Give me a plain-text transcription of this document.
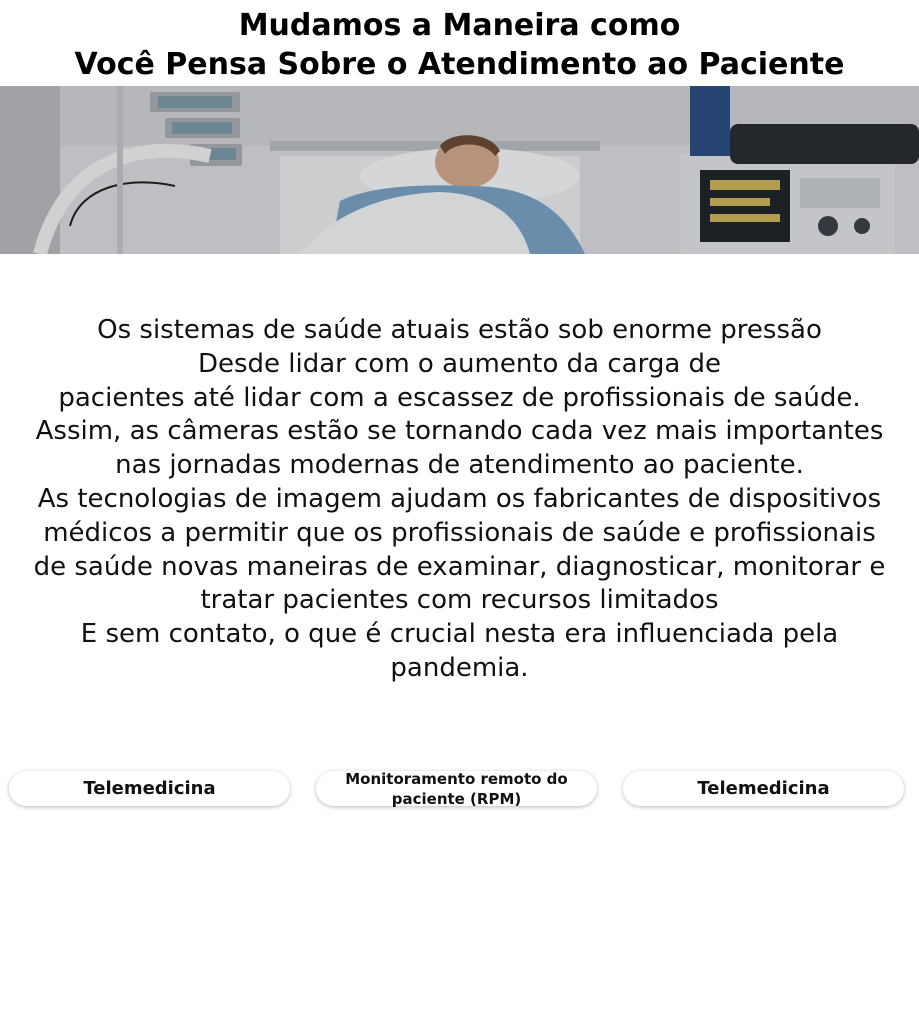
Mudamos a Maneira como
Você Pensa Sobre o Atendimento ao Paciente
Os sistemas de saúde atuais estão sob enorme pressão
Desde lidar com o aumento da carga de
pacientes até lidar com a escassez de profissionais de saúde.
Assim, as câmeras estão se tornando cada vez mais importantes
nas jornadas modernas de atendimento ao paciente.
As tecnologias de imagem ajudam os fabricantes de dispositivos
médicos a permitir que os profissionais de saúde e profissionais
de saúde novas maneiras de examinar, diagnosticar, monitorar e
tratar pacientes com recursos limitados
E sem contato, o que é crucial nesta era influenciada pela
pandemia.
Telemedicina	Monitoramento remoto do paciente (RPM)	Telemedicina
